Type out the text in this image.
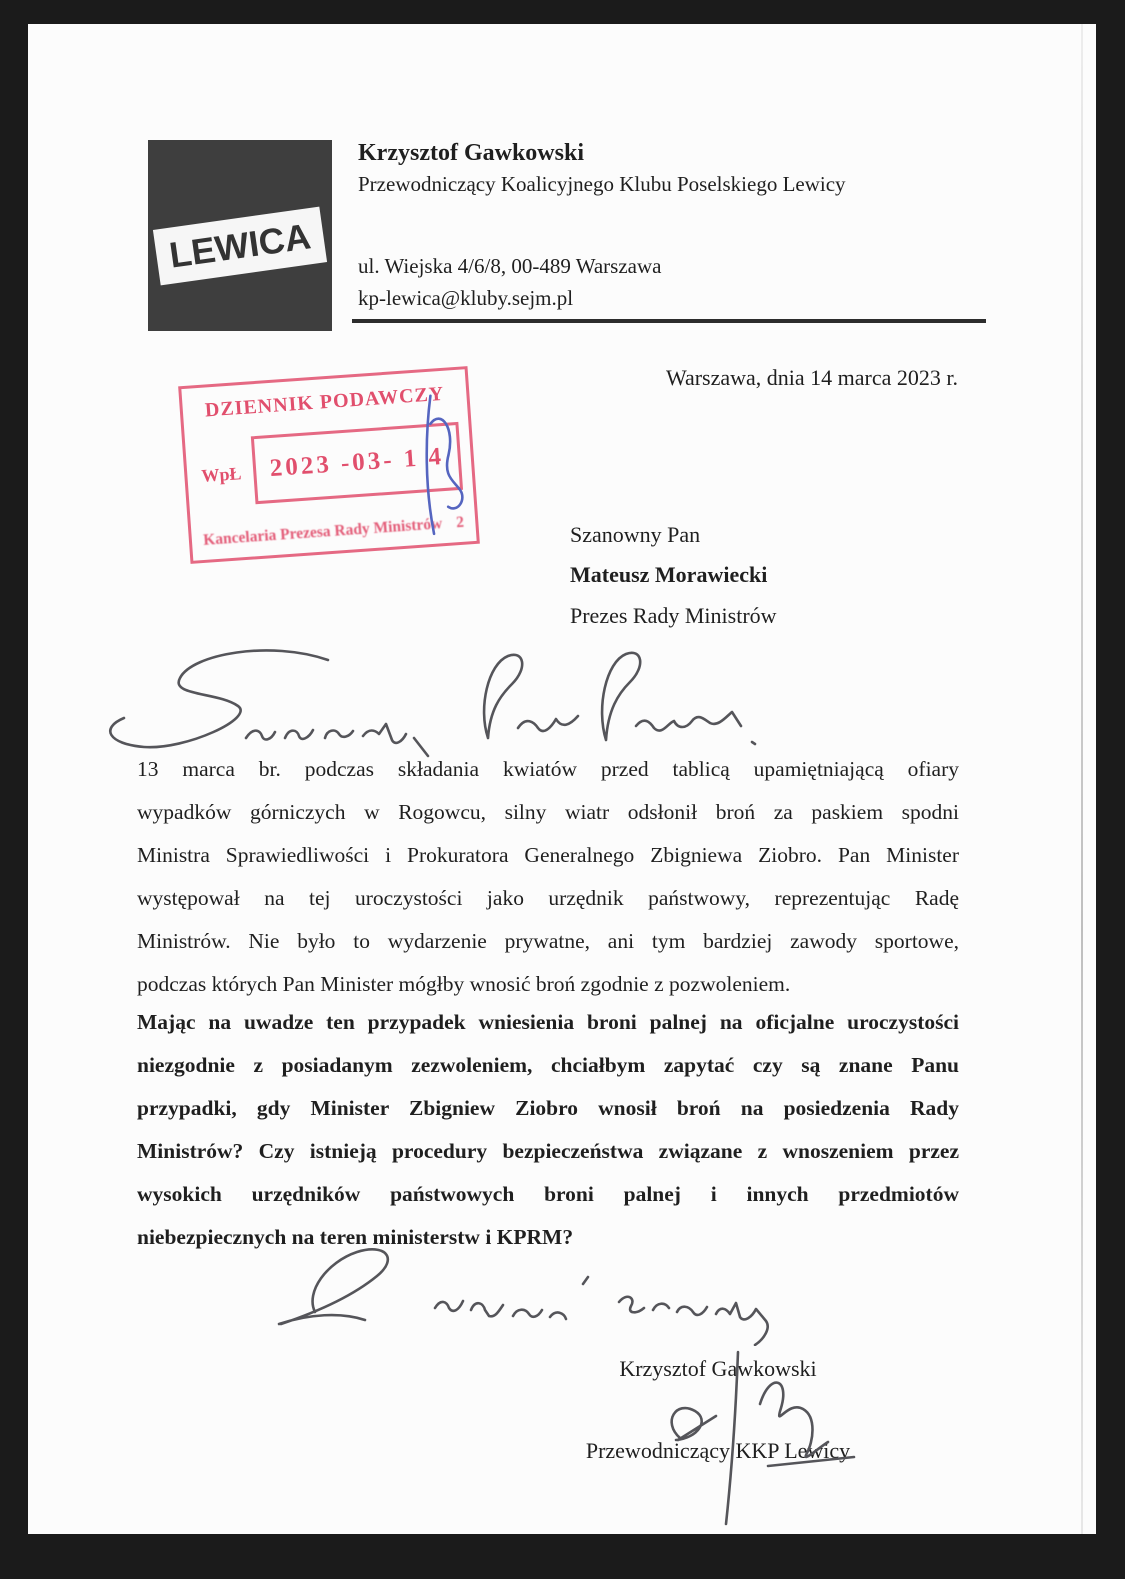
LEWICA
Krzysztof Gawkowski
Przewodniczący Koalicyjnego Klubu Poselskiego Lewicy
ul. Wiejska 4/6/8, 00-489 Warszawa
kp-lewica@kluby.sejm.pl
Warszawa, dnia 14 marca 2023 r.
DZIENNIK PODAWCZY
WpŁ 2023 -03- 1 4
Kancelaria Prezesa Rady Ministrów 2	Szanowny Pan
Mateusz Morawiecki
Prezes Rady Ministrów
13 marca br. podczas składania kwiatów przed tablicą upamiętniającą ofiary
wypadków górniczych w Rogowcu, silny wiatr odsłonił broń za paskiem spodni
Ministra Sprawiedliwości i Prokuratora Generalnego Zbigniewa Ziobro. Pan Minister
występował na tej uroczystości jako urzędnik państwowy, reprezentując Radę
Ministrów. Nie było to wydarzenie prywatne, ani tym bardziej zawody sportowe,
podczas których Pan Minister mógłby wnosić broń zgodnie z pozwoleniem.
Mając na uwadze ten przypadek wniesienia broni palnej na oficjalne uroczystości
niezgodnie z posiadanym zezwoleniem, chciałbym zapytać czy są znane Panu
przypadki, gdy Minister Zbigniew Ziobro wnosił broń na posiedzenia Rady
Ministrów? Czy istnieją procedury bezpieczeństwa związane z wnoszeniem przez
wysokich urzędników państwowych broni palnej i innych przedmiotów
niebezpiecznych na teren ministerstw i KPRM?
Krzysztof Gawkowski
Przewodniczący KKP Lewicy
